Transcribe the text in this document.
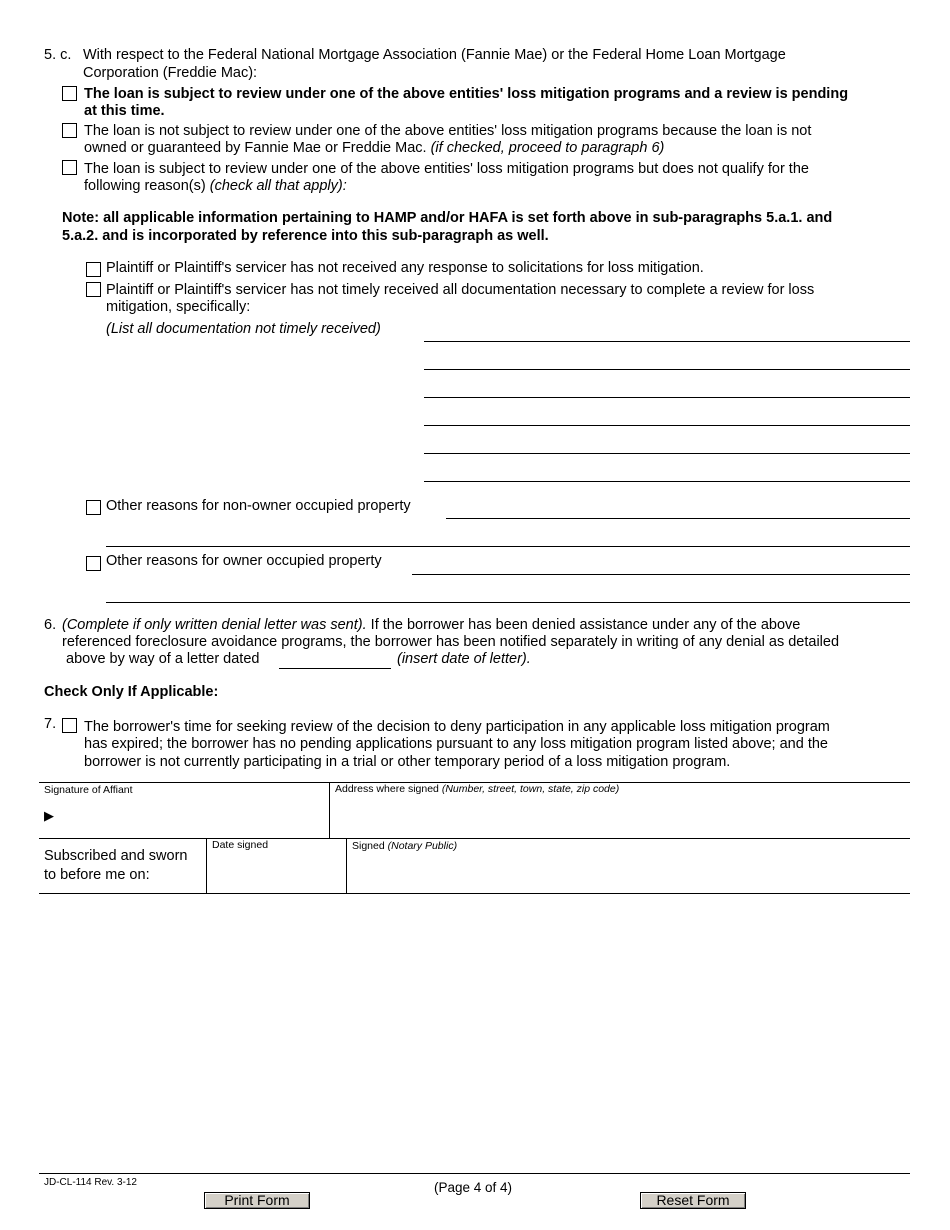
5. c. With respect to the Federal National Mortgage Association (Fannie Mae) or the Federal Home Loan Mortgage
Corporation (Freddie Mac):
The loan is subject to review under one of the above entities' loss mitigation programs and a review is pending
at this time.
The loan is not subject to review under one of the above entities' loss mitigation programs because the loan is not
owned or guaranteed by Fannie Mae or Freddie Mac. (if checked, proceed to paragraph 6)
The loan is subject to review under one of the above entities' loss mitigation programs but does not qualify for the
following reason(s) (check all that apply):
Note: all applicable information pertaining to HAMP and/or HAFA is set forth above in sub-paragraphs 5.a.1. and
5.a.2. and is incorporated by reference into this sub-paragraph as well.
Plaintiff or Plaintiff's servicer has not received any response to solicitations for loss mitigation.
Plaintiff or Plaintiff's servicer has not timely received all documentation necessary to complete a review for loss
mitigation, specifically:
(List all documentation not timely received)
Other reasons for non-owner occupied property
Other reasons for owner occupied property
6. (Complete if only written denial letter was sent). If the borrower has been denied assistance under any of the above
referenced foreclosure avoidance programs, the borrower has been notified separately in writing of any denial as detailed
above by way of a letter dated	(insert date of letter).
Check Only If Applicable:
7. The borrower's time for seeking review of the decision to deny participation in any applicable loss mitigation program
has expired; the borrower has no pending applications pursuant to any loss mitigation program listed above; and the
borrower is not currently participating in a trial or other temporary period of a loss mitigation program.
Signature of Affiant
▶
Address where signed (Number, street, town, state, zip code)
Subscribed and sworn
to before me on:
Date signed	Signed (Notary Public)
JD-CL-114 Rev. 3-12	(Page 4 of 4)
Print Form	Reset Form
